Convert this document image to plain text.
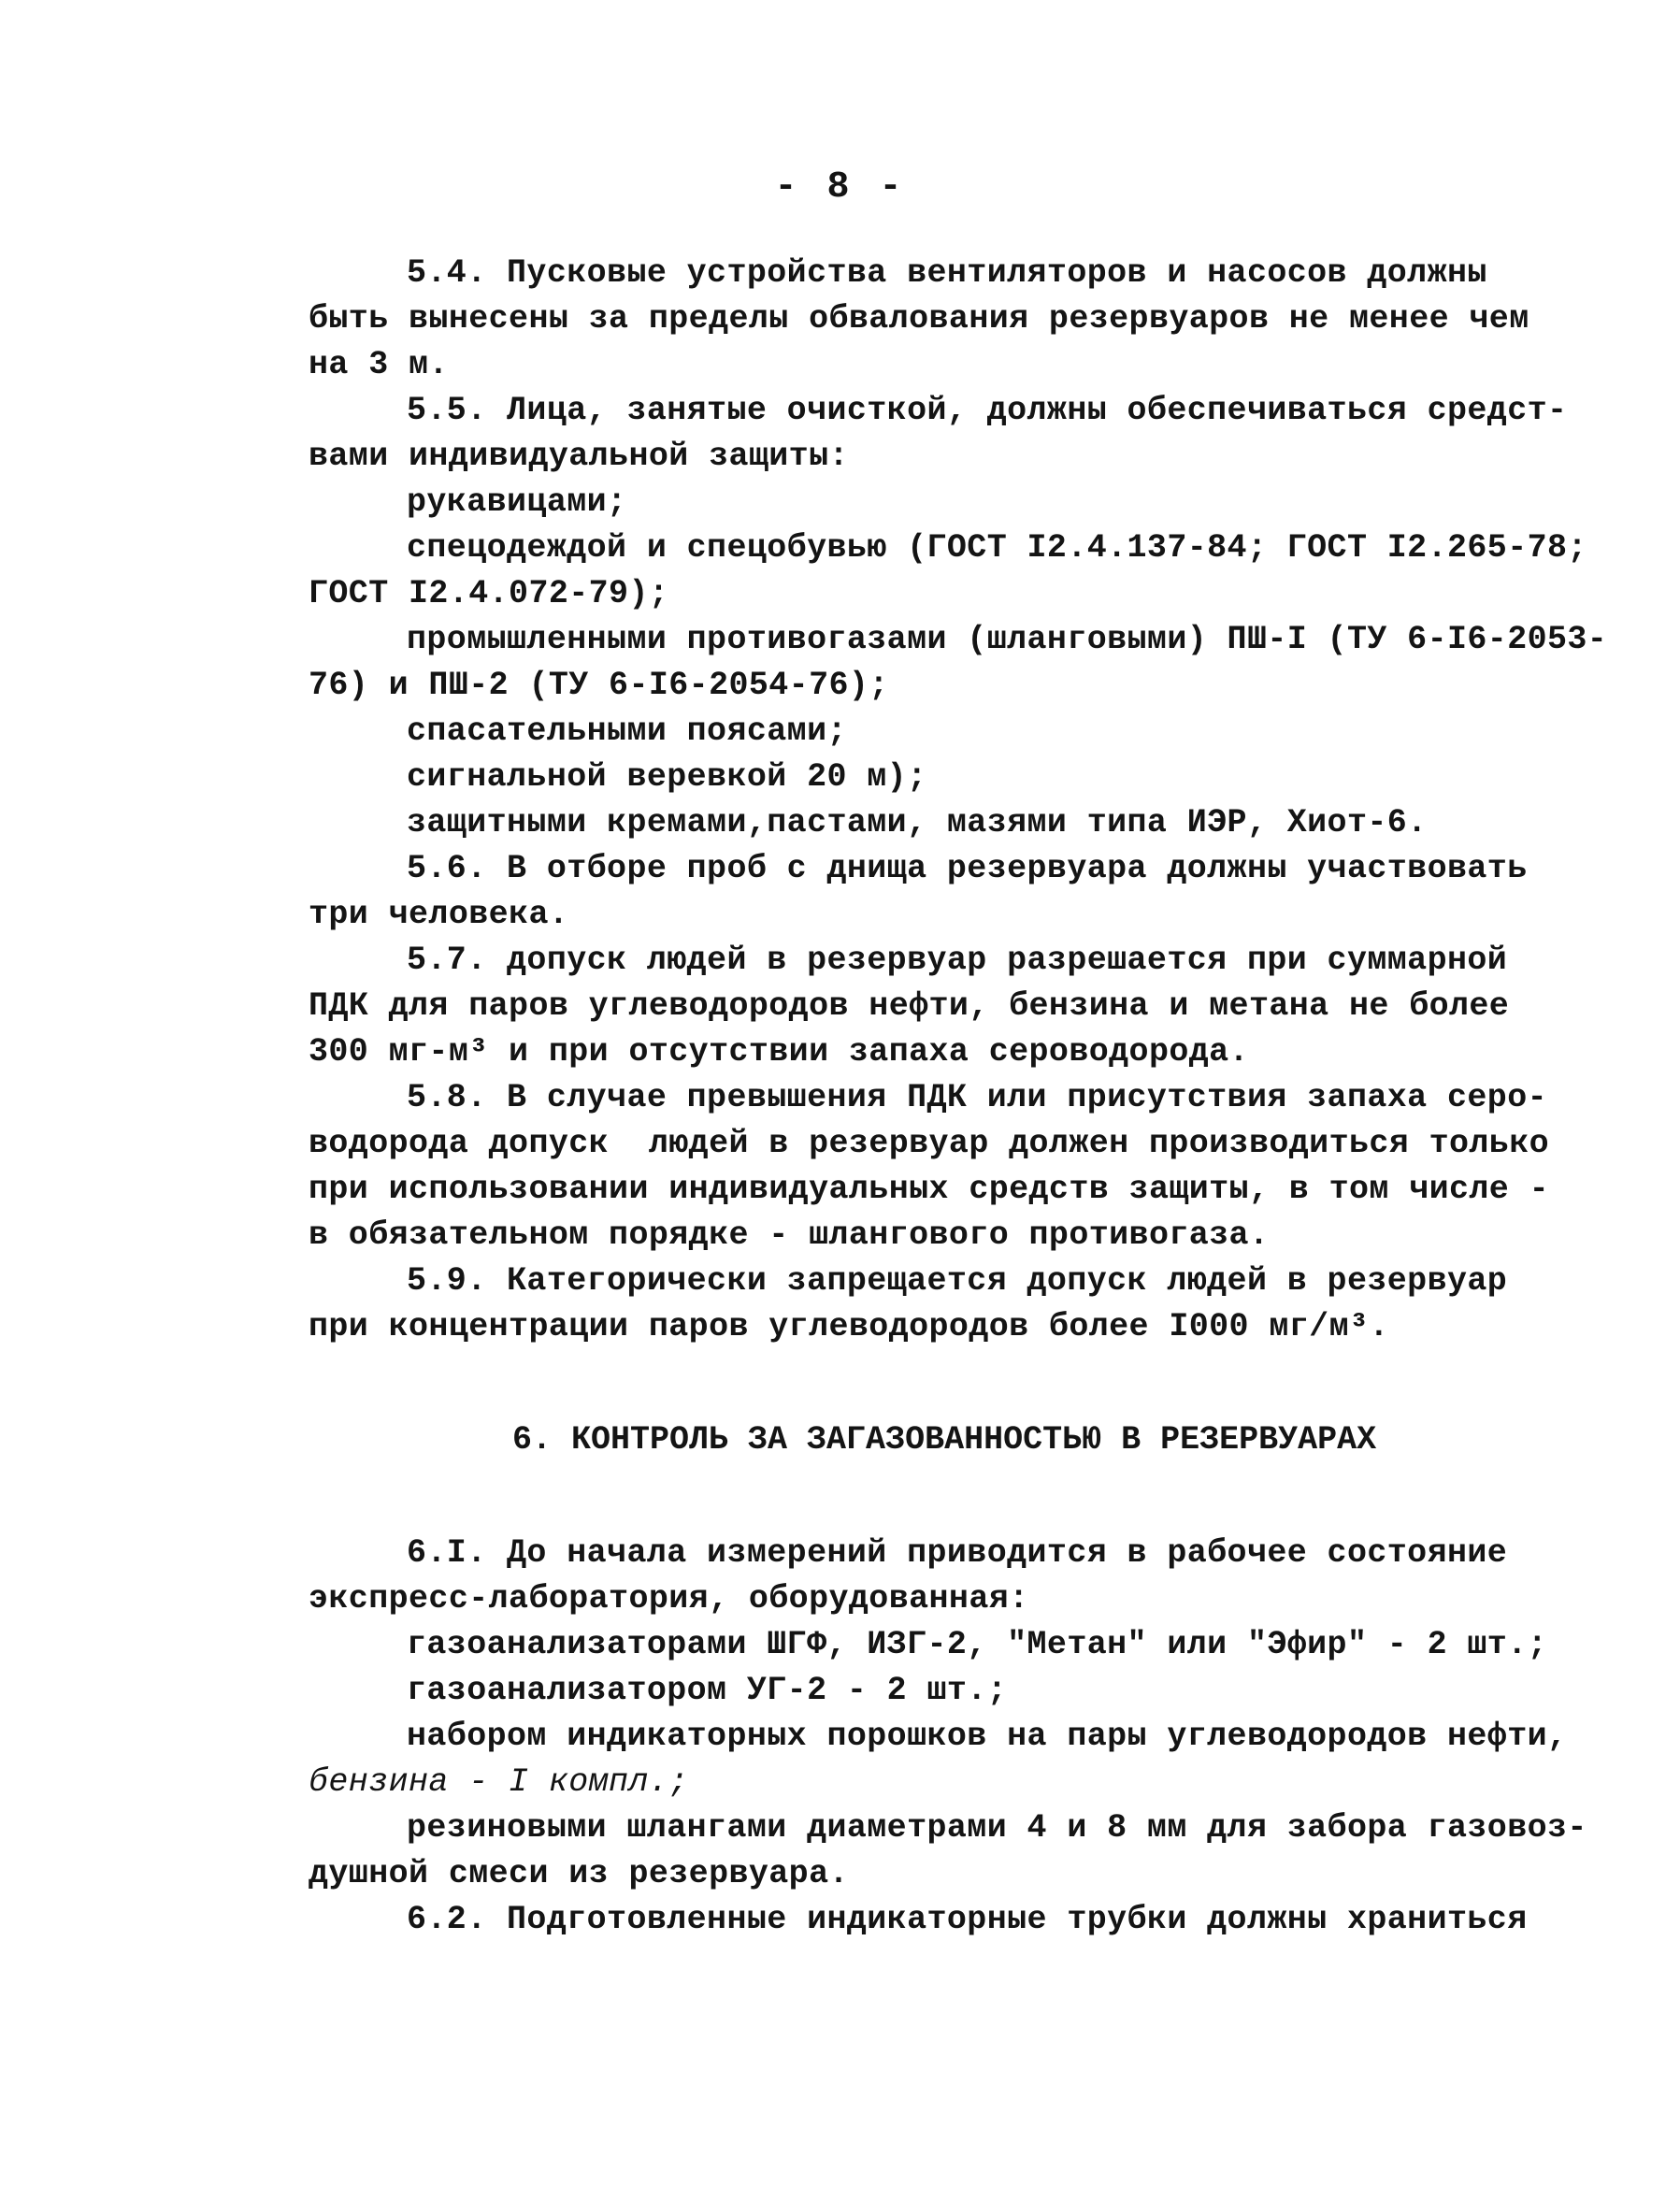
- 8 -
5.4. Пусковые устройства вентиляторов и насосов должны
быть вынесены за пределы обвалования резервуаров не менее чем
на 3 м.
5.5. Лица, занятые очисткой, должны обеспечиваться средст-
вами индивидуальной защиты:
рукавицами;
спецодеждой и спецобувью (ГОСТ I2.4.137-84; ГОСТ I2.265-78;
ГОСТ I2.4.072-79);
промышленными противогазами (шланговыми) ПШ-I (ТУ 6-I6-2053-
76) и ПШ-2 (ТУ 6-I6-2054-76);
спасательными поясами;
сигнальной веревкой 20 м);
защитными кремами,пастами, мазями типа ИЭР, Хиот-6.
5.6. В отборе проб с днища резервуара должны участвовать
три человека.
5.7. допуск людей в резервуар разрешается при суммарной
ПДК для паров углеводородов нефти, бензина и метана не более
300 мг-м³ и при отсутствии запаха сероводорода.
5.8. В случае превышения ПДК или присутствия запаха серо-
водорода допуск  людей в резервуар должен производиться только
при использовании индивидуальных средств защиты, в том числе -
в обязательном порядке - шлангового противогаза.
5.9. Категорически запрещается допуск людей в резервуар
при концентрации паров углеводородов более I000 мг/м³.
6. КОНТРОЛЬ ЗА ЗАГАЗОВАННОСТЬЮ В РЕЗЕРВУАРАХ
6.I. До начала измерений приводится в рабочее состояние
экспресс-лаборатория, оборудованная:
газоанализаторами ШГФ, ИЗГ-2, "Метан" или "Эфир" - 2 шт.;
газоанализатором УГ-2 - 2 шт.;
набором индикаторных порошков на пары углеводородов нефти,
бензина - I компл.;
резиновыми шлангами диаметрами 4 и 8 мм для забора газовоз-
душной смеси из резервуара.
6.2. Подготовленные индикаторные трубки должны храниться
